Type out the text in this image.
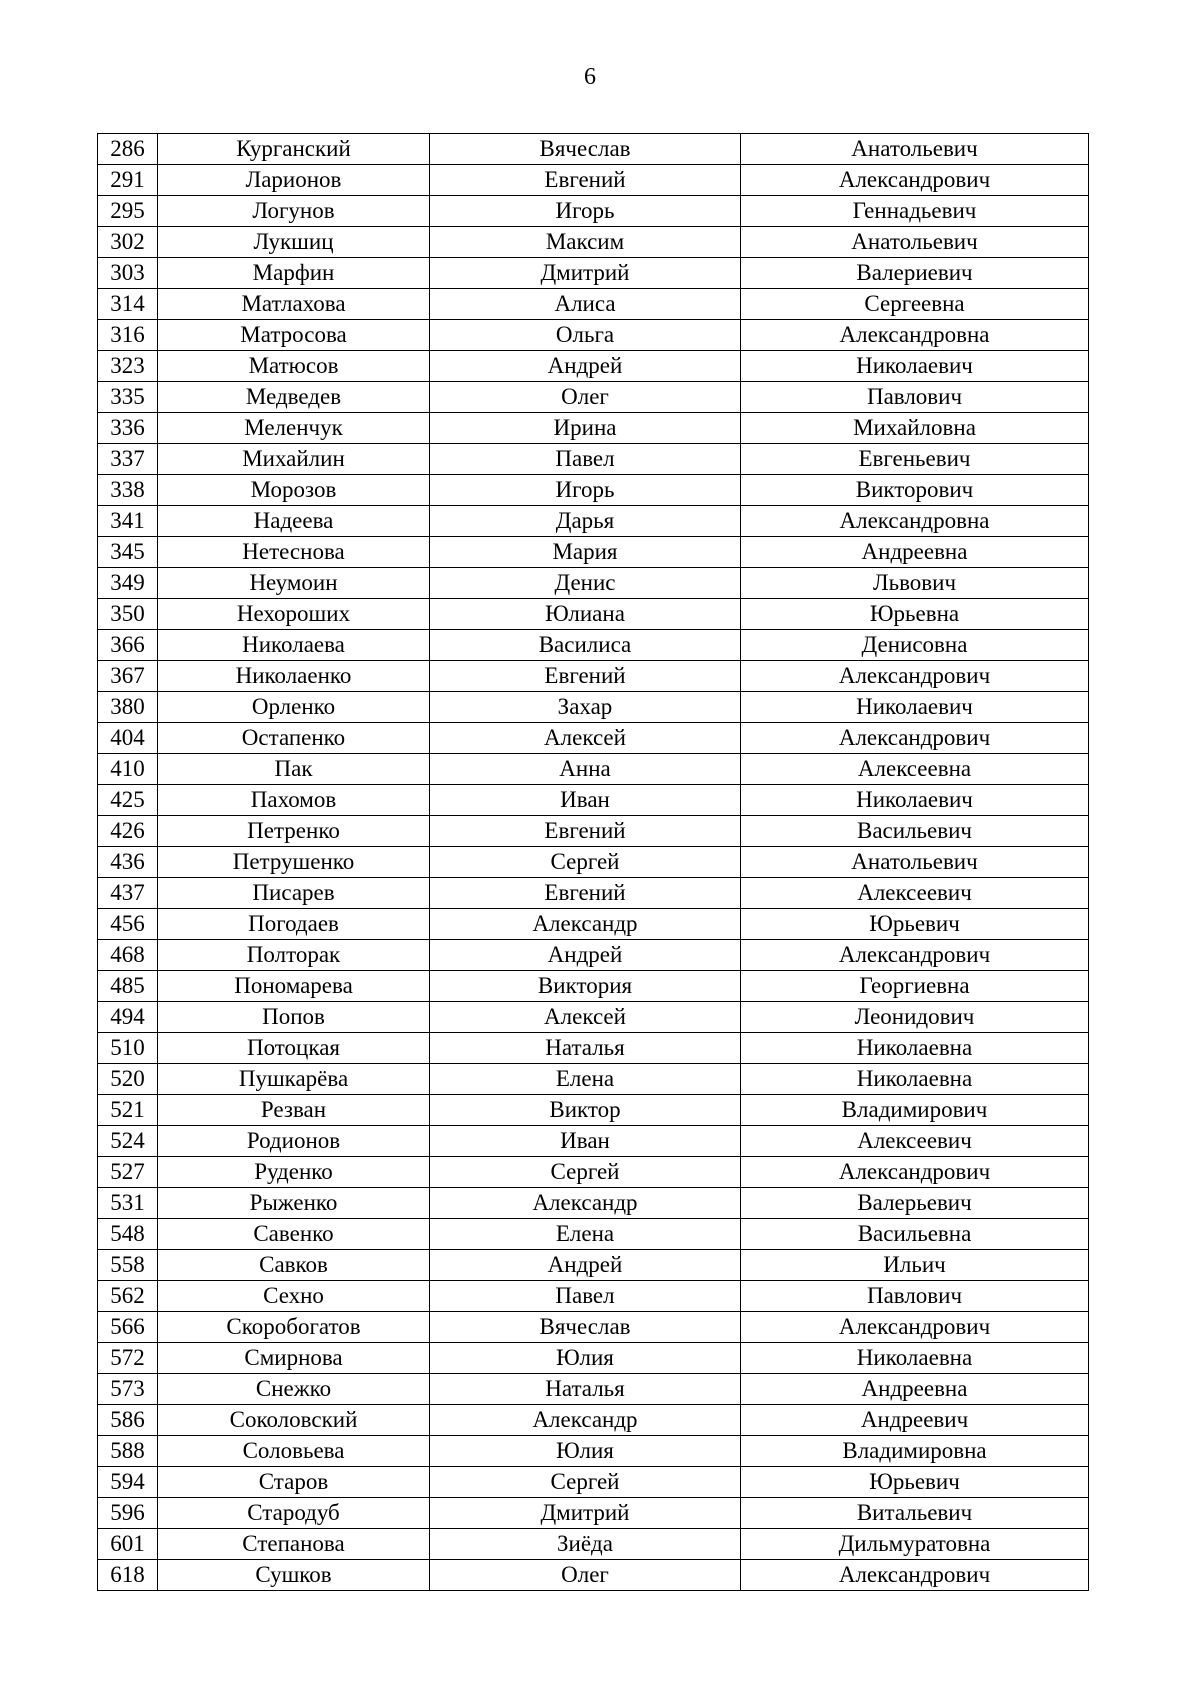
6
286	Курганский	Вячеслав	Анатольевич
291	Ларионов	Евгений	Александрович
295	Логунов	Игорь	Геннадьевич
302	Лукшиц	Максим	Анатольевич
303	Марфин	Дмитрий	Валериевич
314	Матлахова	Алиса	Сергеевна
316	Матросова	Ольга	Александровна
323	Матюсов	Андрей	Николаевич
335	Медведев	Олег	Павлович
336	Меленчук	Ирина	Михайловна
337	Михайлин	Павел	Евгеньевич
338	Морозов	Игорь	Викторович
341	Надеева	Дарья	Александровна
345	Нетеснова	Мария	Андреевна
349	Неумоин	Денис	Львович
350	Нехороших	Юлиана	Юрьевна
366	Николаева	Василиса	Денисовна
367	Николаенко	Евгений	Александрович
380	Орленко	Захар	Николаевич
404	Остапенко	Алексей	Александрович
410	Пак	Анна	Алексеевна
425	Пахомов	Иван	Николаевич
426	Петренко	Евгений	Васильевич
436	Петрушенко	Сергей	Анатольевич
437	Писарев	Евгений	Алексеевич
456	Погодаев	Александр	Юрьевич
468	Полторак	Андрей	Александрович
485	Пономарева	Виктория	Георгиевна
494	Попов	Алексей	Леонидович
510	Потоцкая	Наталья	Николаевна
520	Пушкарёва	Елена	Николаевна
521	Резван	Виктор	Владимирович
524	Родионов	Иван	Алексеевич
527	Руденко	Сергей	Александрович
531	Рыженко	Александр	Валерьевич
548	Савенко	Елена	Васильевна
558	Савков	Андрей	Ильич
562	Сехно	Павел	Павлович
566	Скоробогатов	Вячеслав	Александрович
572	Смирнова	Юлия	Николаевна
573	Снежко	Наталья	Андреевна
586	Соколовский	Александр	Андреевич
588	Соловьева	Юлия	Владимировна
594	Старов	Сергей	Юрьевич
596	Стародуб	Дмитрий	Витальевич
601	Степанова	Зиёда	Дильмуратовна
618	Сушков	Олег	Александрович
